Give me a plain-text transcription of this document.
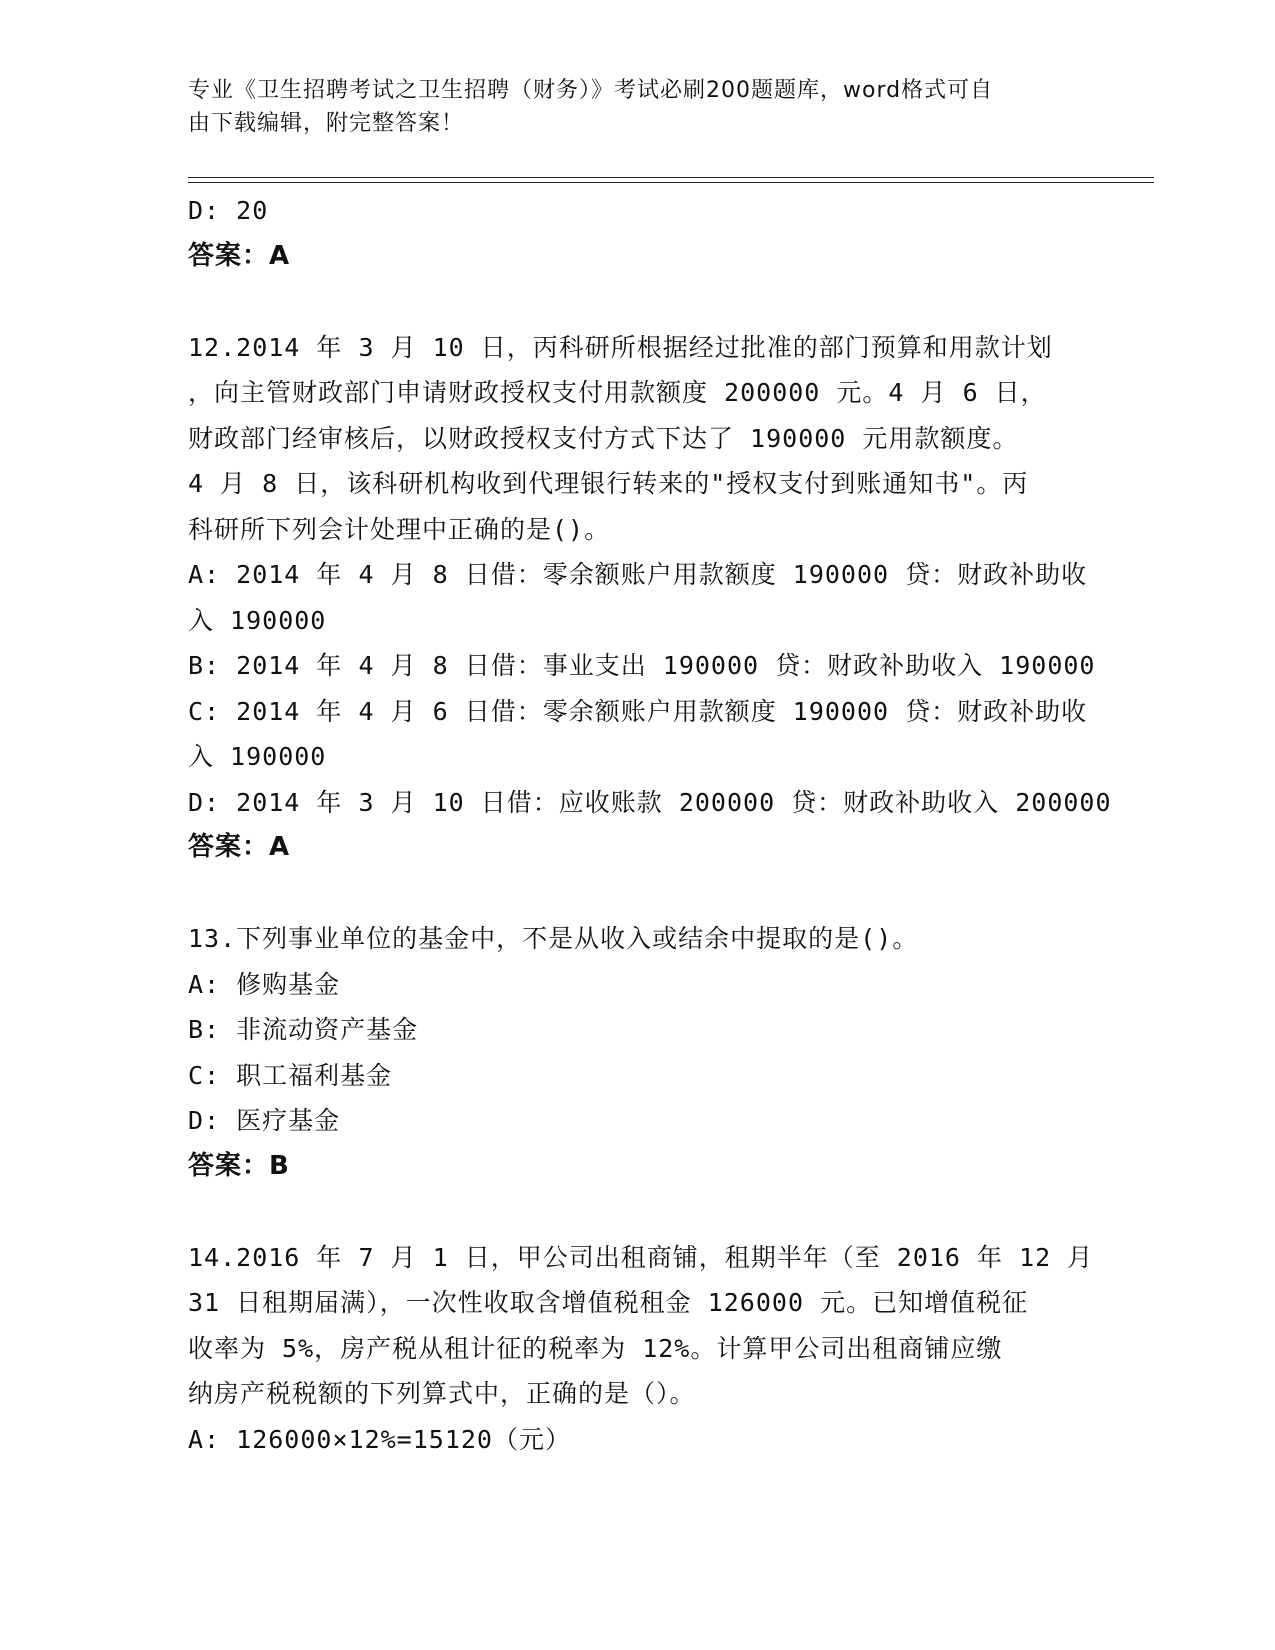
专业《卫生招聘考试之卫生招聘（财务）》考试必刷200题题库，word格式可自
由下载编辑，附完整答案！

D: 20

答案：A

12.2014 年 3 月 10 日，丙科研所根据经过批准的部门预算和用款计划

，向主管财政部门申请财政授权支付用款额度 200000 元。4 月 6 日，

财政部门经审核后，以财政授权支付方式下达了 190000 元用款额度。

4 月 8 日，该科研机构收到代理银行转来的"授权支付到账通知书"。丙

科研所下列会计处理中正确的是()。

A: 2014 年 4 月 8 日借：零余额账户用款额度 190000 贷：财政补助收

入 190000

B: 2014 年 4 月 8 日借：事业支出 190000 贷：财政补助收入 190000

C: 2014 年 4 月 6 日借：零余额账户用款额度 190000 贷：财政补助收

入 190000

D: 2014 年 3 月 10 日借：应收账款 200000 贷：财政补助收入 200000

答案：A

13.下列事业单位的基金中，不是从收入或结余中提取的是()。

A: 修购基金

B: 非流动资产基金

C: 职工福利基金

D: 医疗基金

答案：B

14.2016 年 7 月 1 日，甲公司出租商铺，租期半年（至 2016 年 12 月

31 日租期届满），一次性收取含增值税租金 126000 元。已知增值税征

收率为 5%，房产税从租计征的税率为 12%。计算甲公司出租商铺应缴

纳房产税税额的下列算式中，正确的是（）。

A: 126000×12%=15120（元）
